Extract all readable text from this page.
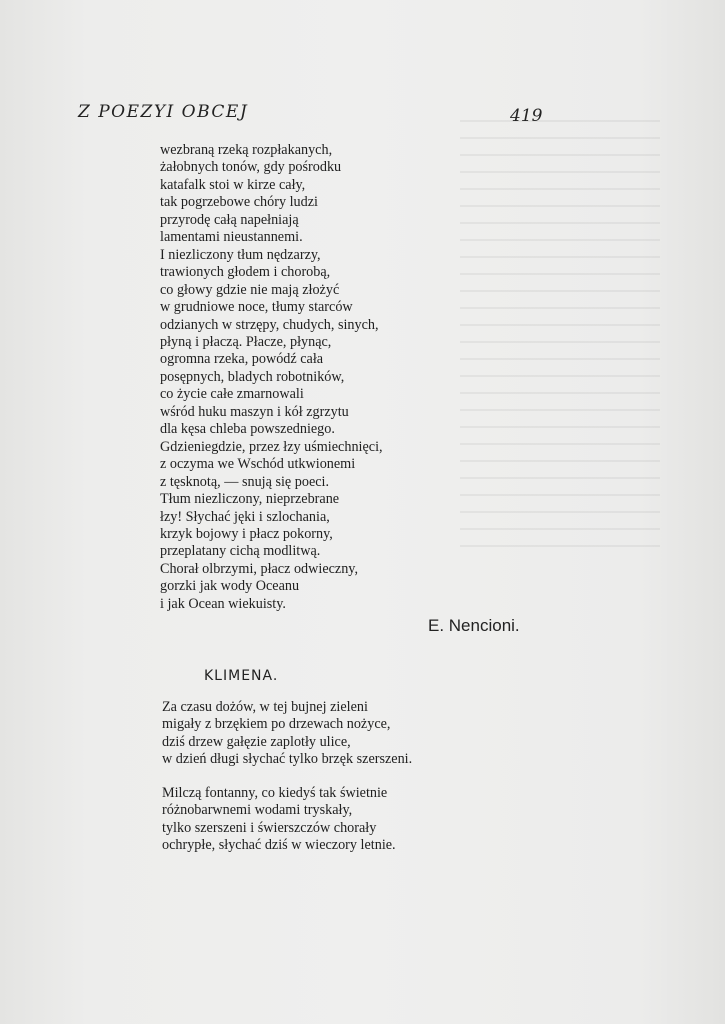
Z POEZYI OBCEJ	419
wezbraną rzeką rozpłakanych,
żałobnych tonów, gdy pośrodku
katafalk stoi w kirze cały,
tak pogrzebowe chóry ludzi
przyrodę całą napełniają
lamentami nieustannemi.
I niezliczony tłum nędzarzy,
trawionych głodem i chorobą,
co głowy gdzie nie mają złożyć
w grudniowe noce, tłumy starców
odzianych w strzępy, chudych, sinych,
płyną i płaczą. Płacze, płynąc,
ogromna rzeka, powódź cała
posępnych, bladych robotników,
co życie całe zmarnowali
wśród huku maszyn i kół zgrzytu
dla kęsa chleba powszedniego.
Gdzieniegdzie, przez łzy uśmiechnięci,
z oczyma we Wschód utkwionemi
z tęsknotą, — snują się poeci.
Tłum niezliczony, nieprzebrane
łzy! Słychać jęki i szlochania,
krzyk bojowy i płacz pokorny,
przeplatany cichą modlitwą.
Chorał olbrzymi, płacz odwieczny,
gorzki jak wody Oceanu
i jak Ocean wiekuisty.
E. Nencioni.
KLIMENA.
Za czasu dożów, w tej bujnej zieleni
migały z brzękiem po drzewach nożyce,
dziś drzew gałęzie zaplotły ulice,
w dzień długi słychać tylko brzęk szerszeni.
Milczą fontanny, co kiedyś tak świetnie
różnobarwnemi wodami tryskały,
tylko szerszeni i świerszczów chorały
ochrypłe, słychać dziś w wieczory letnie.
